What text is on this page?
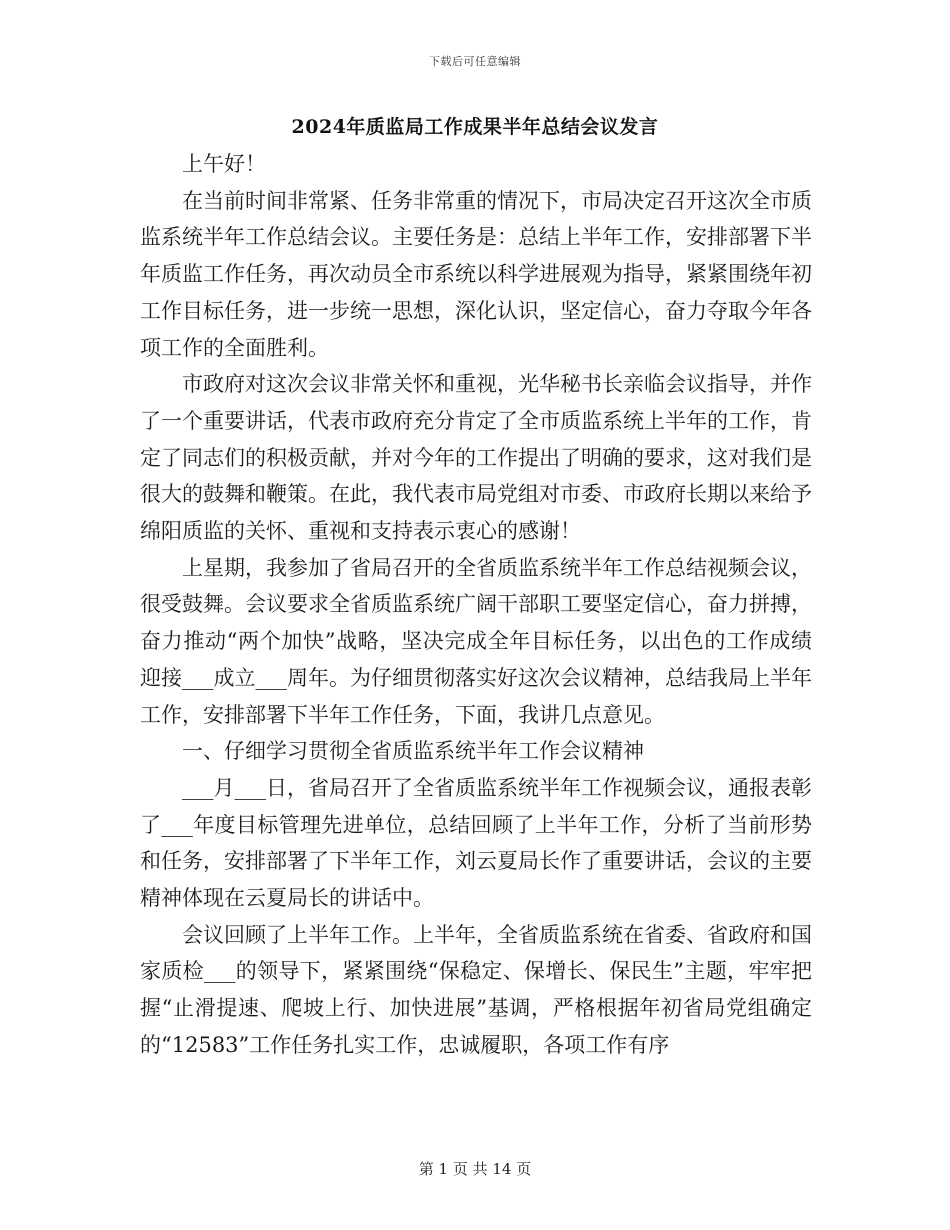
下载后可任意编辑
2024年质监局工作成果半年总结会议发言

上午好！

在当前时间非常紧、任务非常重的情况下，市局决定召开这次全市质监系统半年工作总结会议。主要任务是：总结上半年工作，安排部署下半年质监工作任务，再次动员全市系统以科学进展观为指导，紧紧围绕年初工作目标任务，进一步统一思想，深化认识，坚定信心，奋力夺取今年各项工作的全面胜利。

市政府对这次会议非常关怀和重视，光华秘书长亲临会议指导，并作了一个重要讲话，代表市政府充分肯定了全市质监系统上半年的工作，肯定了同志们的积极贡献，并对今年的工作提出了明确的要求，这对我们是很大的鼓舞和鞭策。在此，我代表市局党组对市委、市政府长期以来给予绵阳质监的关怀、重视和支持表示衷心的感谢！

上星期，我参加了省局召开的全省质监系统半年工作总结视频会议，很受鼓舞。会议要求全省质监系统广阔干部职工要坚定信心，奋力拼搏，奋力推动“两个加快”战略，坚决完成全年目标任务，以出色的工作成绩迎接___成立___周年。为仔细贯彻落实好这次会议精神，总结我局上半年工作，安排部署下半年工作任务，下面，我讲几点意见。

一、仔细学习贯彻全省质监系统半年工作会议精神

___月___日，省局召开了全省质监系统半年工作视频会议，通报表彰了___年度目标管理先进单位，总结回顾了上半年工作，分析了当前形势和任务，安排部署了下半年工作，刘云夏局长作了重要讲话，会议的主要精神体现在云夏局长的讲话中。

会议回顾了上半年工作。上半年，全省质监系统在省委、省政府和国家质检___的领导下，紧紧围绕“保稳定、保增长、保民生”主题，牢牢把握“止滑提速、爬坡上行、加快进展”基调，严格根据年初省局党组确定的“12583”工作任务扎实工作，忠诚履职，各项工作有序

第 1 页 共 14 页
